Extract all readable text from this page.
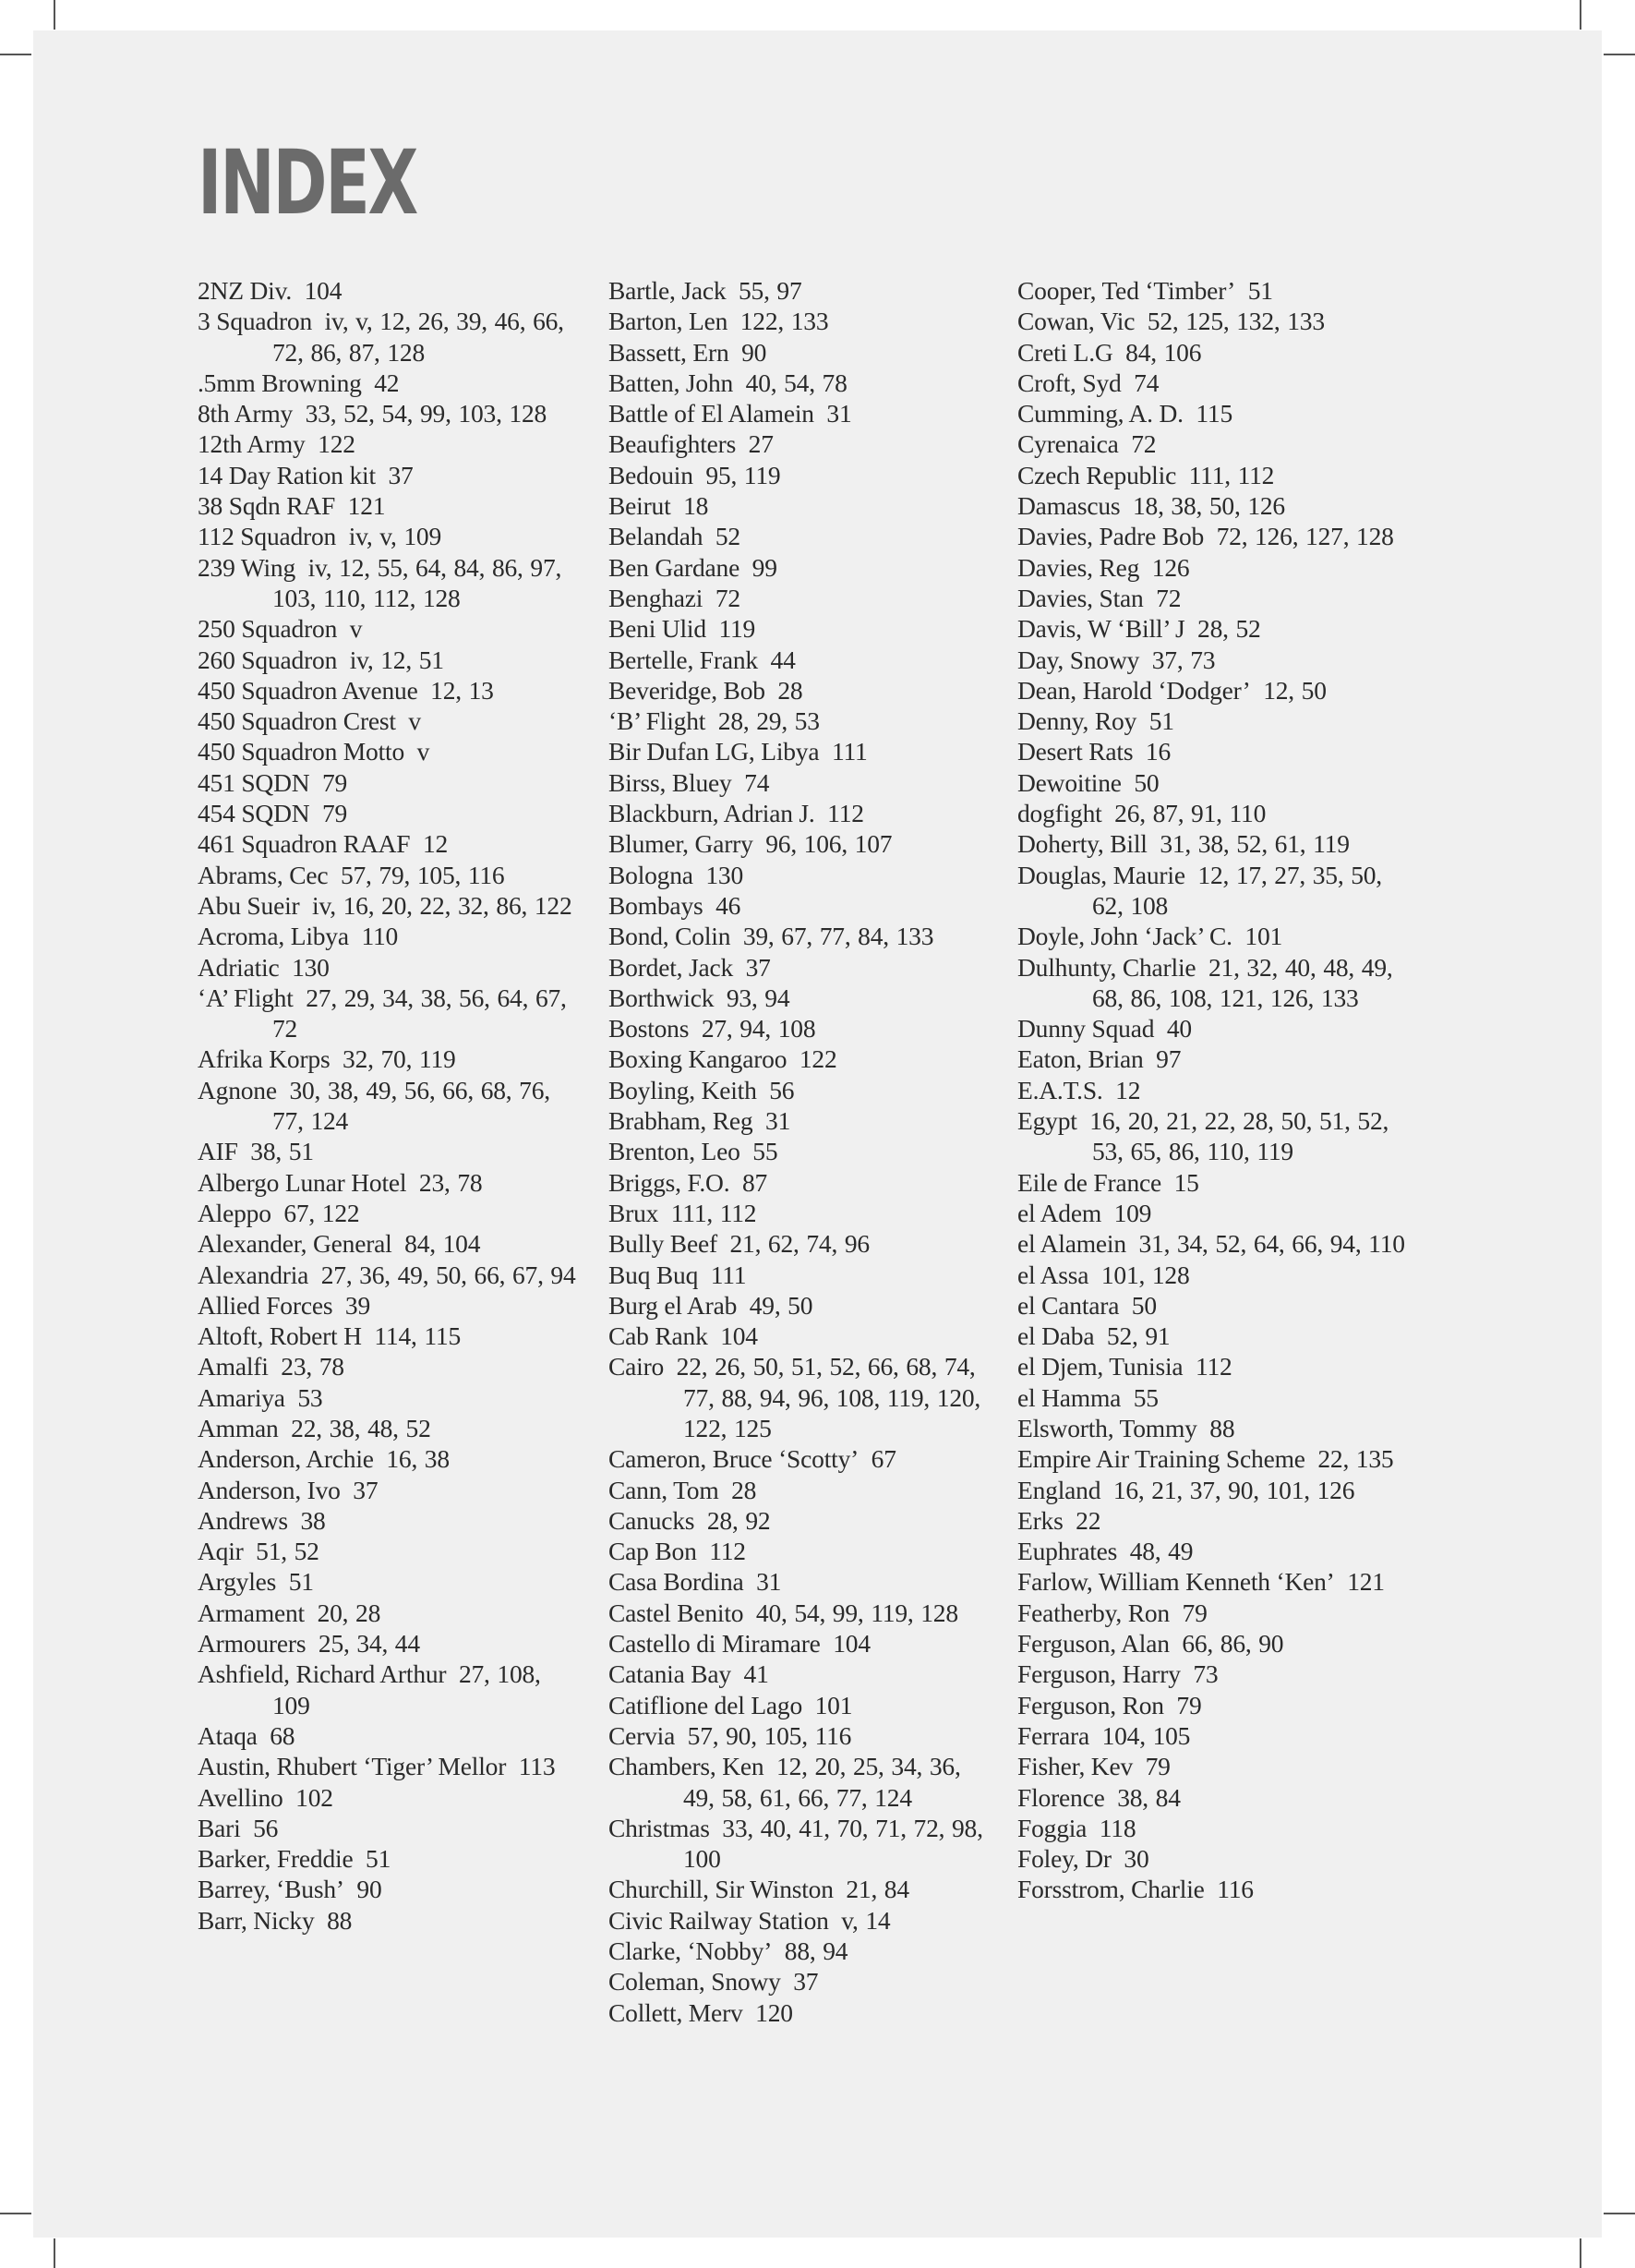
INDEX
2NZ Div.  104
3 Squadron  iv, v, 12, 26, 39, 46, 66, 72, 86, 87, 128
.5mm Browning  42
8th Army  33, 52, 54, 99, 103, 128
12th Army  122
14 Day Ration kit  37
38 Sqdn RAF  121
112 Squadron  iv, v, 109
239 Wing  iv, 12, 55, 64, 84, 86, 97, 103, 110, 112, 128
250 Squadron  v
260 Squadron  iv, 12, 51
450 Squadron Avenue  12, 13
450 Squadron Crest  v
450 Squadron Motto  v
451 SQDN  79
454 SQDN  79
461 Squadron RAAF  12
Abrams, Cec  57, 79, 105, 116
Abu Sueir  iv, 16, 20, 22, 32, 86, 122
Acroma, Libya  110
Adriatic  130
‘A’ Flight  27, 29, 34, 38, 56, 64, 67, 72
Afrika Korps  32, 70, 119
Agnone  30, 38, 49, 56, 66, 68, 76, 77, 124
AIF  38, 51
Albergo Lunar Hotel  23, 78
Aleppo  67, 122
Alexander, General  84, 104
Alexandria  27, 36, 49, 50, 66, 67, 94
Allied Forces  39
Altoft, Robert H  114, 115
Amalfi  23, 78
Amariya  53
Amman  22, 38, 48, 52
Anderson, Archie  16, 38
Anderson, Ivo  37
Andrews  38
Aqir  51, 52
Argyles  51
Armament  20, 28
Armourers  25, 34, 44
Ashfield, Richard Arthur  27, 108, 109
Ataqa  68
Austin, Rhubert ‘Tiger’ Mellor  113
Avellino  102
Bari  56
Barker, Freddie  51
Barrey, ‘Bush’  90
Barr, Nicky  88
Bartle, Jack  55, 97
Barton, Len  122, 133
Bassett, Ern  90
Batten, John  40, 54, 78
Battle of El Alamein  31
Beaufighters  27
Bedouin  95, 119
Beirut  18
Belandah  52
Ben Gardane  99
Benghazi  72
Beni Ulid  119
Bertelle, Frank  44
Beveridge, Bob  28
‘B’ Flight  28, 29, 53
Bir Dufan LG, Libya  111
Birss, Bluey  74
Blackburn, Adrian J.  112
Blumer, Garry  96, 106, 107
Bologna  130
Bombays  46
Bond, Colin  39, 67, 77, 84, 133
Bordet, Jack  37
Borthwick  93, 94
Bostons  27, 94, 108
Boxing Kangaroo  122
Boyling, Keith  56
Brabham, Reg  31
Brenton, Leo  55
Briggs, F.O.  87
Brux  111, 112
Bully Beef  21, 62, 74, 96
Buq Buq  111
Burg el Arab  49, 50
Cab Rank  104
Cairo  22, 26, 50, 51, 52, 66, 68, 74, 77, 88, 94, 96, 108, 119, 120, 122, 125
Cameron, Bruce ‘Scotty’  67
Cann, Tom  28
Canucks  28, 92
Cap Bon  112
Casa Bordina  31
Castel Benito  40, 54, 99, 119, 128
Castello di Miramare  104
Catania Bay  41
Catiflione del Lago  101
Cervia  57, 90, 105, 116
Chambers, Ken  12, 20, 25, 34, 36, 49, 58, 61, 66, 77, 124
Christmas  33, 40, 41, 70, 71, 72, 98, 100
Churchill, Sir Winston  21, 84
Civic Railway Station  v, 14
Clarke, ‘Nobby’  88, 94
Coleman, Snowy  37
Collett, Merv  120
Cooper, Ted ‘Timber’  51
Cowan, Vic  52, 125, 132, 133
Creti L.G  84, 106
Croft, Syd  74
Cumming, A. D.  115
Cyrenaica  72
Czech Republic  111, 112
Damascus  18, 38, 50, 126
Davies, Padre Bob  72, 126, 127, 128
Davies, Reg  126
Davies, Stan  72
Davis, W ‘Bill’ J  28, 52
Day, Snowy  37, 73
Dean, Harold ‘Dodger’  12, 50
Denny, Roy  51
Desert Rats  16
Dewoitine  50
dogfight  26, 87, 91, 110
Doherty, Bill  31, 38, 52, 61, 119
Douglas, Maurie  12, 17, 27, 35, 50, 62, 108
Doyle, John ‘Jack’ C.  101
Dulhunty, Charlie  21, 32, 40, 48, 49, 68, 86, 108, 121, 126, 133
Dunny Squad  40
Eaton, Brian  97
E.A.T.S.  12
Egypt  16, 20, 21, 22, 28, 50, 51, 52, 53, 65, 86, 110, 119
Eile de France  15
el Adem  109
el Alamein  31, 34, 52, 64, 66, 94, 110
el Assa  101, 128
el Cantara  50
el Daba  52, 91
el Djem, Tunisia  112
el Hamma  55
Elsworth, Tommy  88
Empire Air Training Scheme  22, 135
England  16, 21, 37, 90, 101, 126
Erks  22
Euphrates  48, 49
Farlow, William Kenneth ‘Ken’  121
Featherby, Ron  79
Ferguson, Alan  66, 86, 90
Ferguson, Harry  73
Ferguson, Ron  79
Ferrara  104, 105
Fisher, Kev  79
Florence  38, 84
Foggia  118
Foley, Dr  30
Forsstrom, Charlie  116
